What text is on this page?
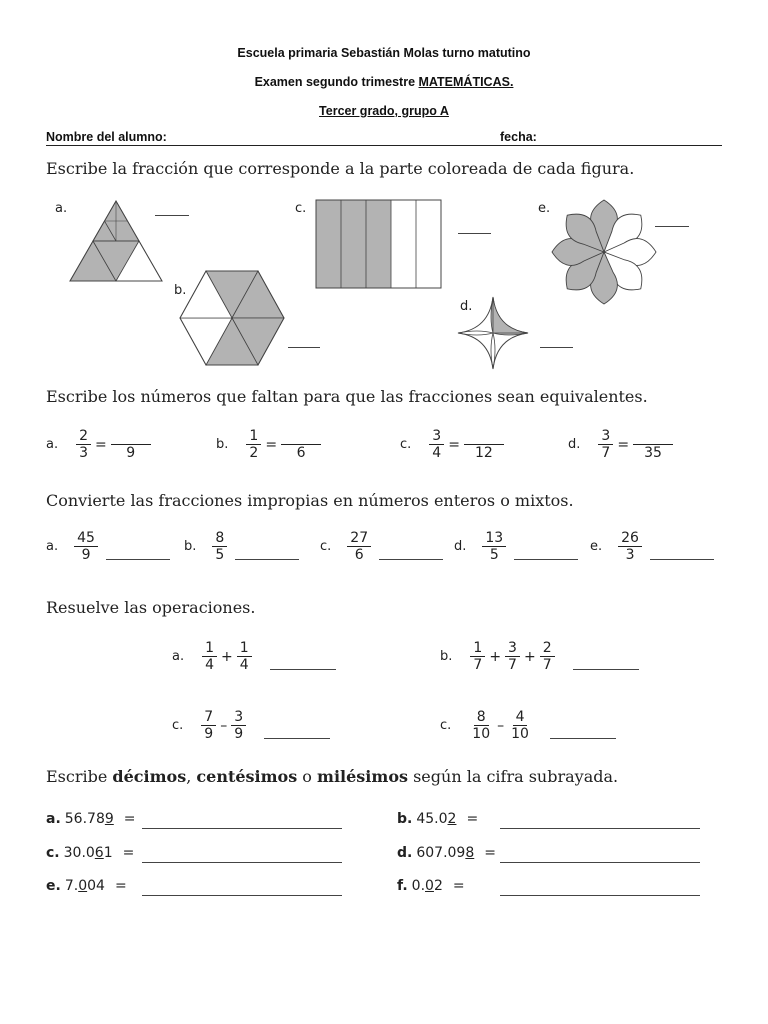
Escuela primaria Sebastián Molas turno matutino
Examen segundo trimestre MATEMÁTICAS.
Tercer grado, grupo A
Nombre del alumno:	fecha:
Escribe la fracción que corresponde a la parte coloreada de cada figura.
a.
b.
c.
d.
e.
Escribe los números que faltan para que las fracciones sean equivalentes.
a. $\frac{2}{3}$ =

9
b. $\frac{1}{2}$ =

6
c. $\frac{3}{4}$ =

12
d. $\frac{3}{7}$ =

35
Convierte las fracciones impropias en números enteros o mixtos.
a. $\frac{45}{9}$	b. $\frac{8}{5}$	c. $\frac{27}{6}$	d. $\frac{13}{5}$	e. $\frac{26}{3}$
Resuelve las operaciones.
a. $\frac{1}{4} + \frac{1}{4}$	b. $\frac{1}{7} + \frac{3}{7} + \frac{2}{7}$
c. $\frac{7}{9} - \frac{3}{9}$	c. $\frac{8}{10} - \frac{4}{10}$
Escribe décimos, centésimos o milésimos según la cifra subrayada.
a. 56.789 =	b. 45.02 =
c. 30.061 =	d. 607.098 =
e. 7.004 =	f. 0.02 =
